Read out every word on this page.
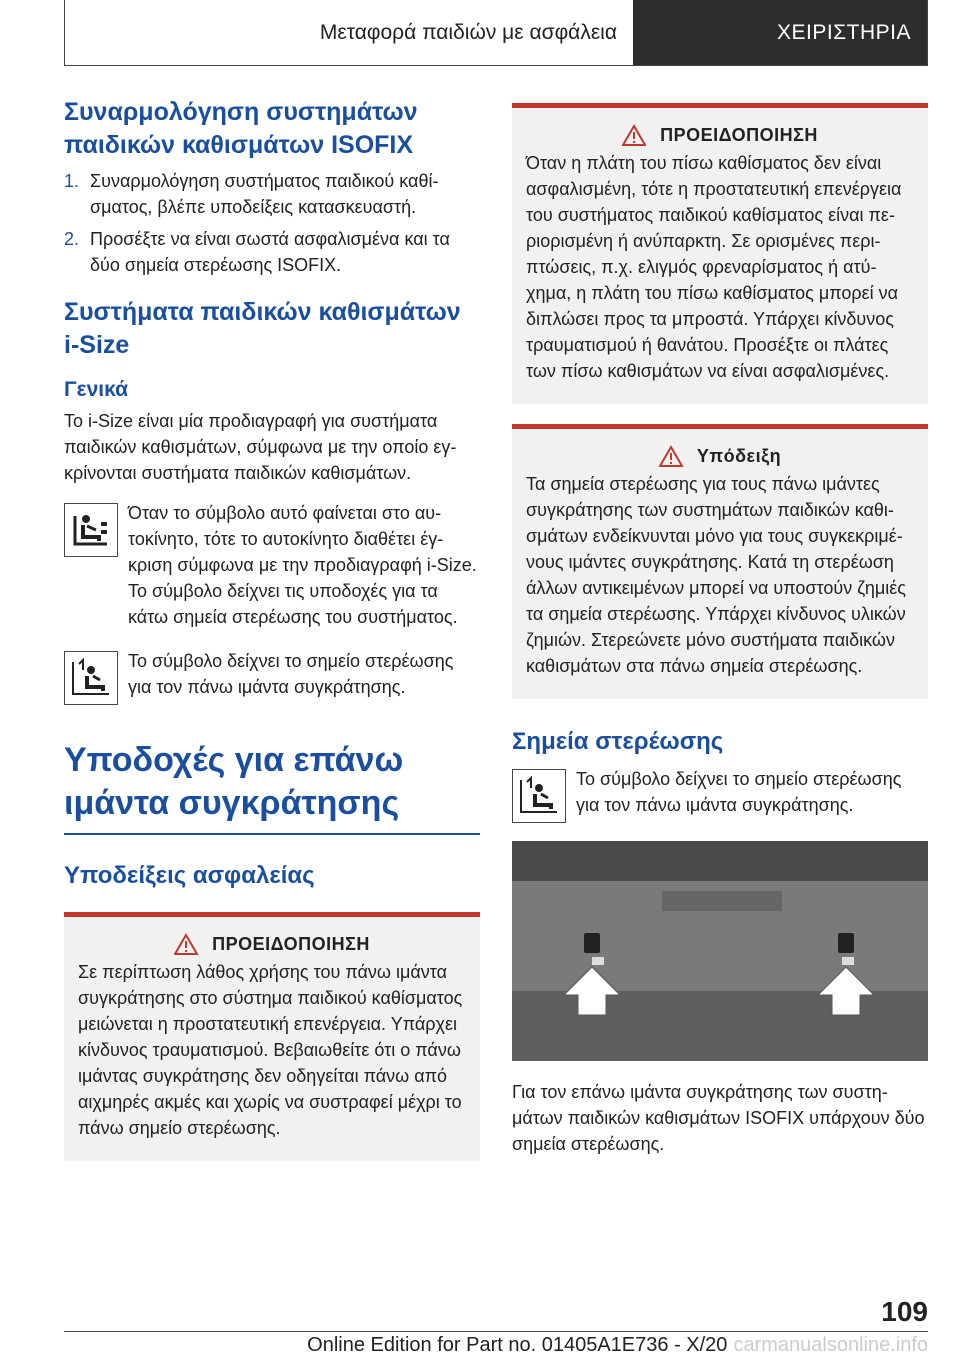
Μεταφορά παιδιών με ασφάλεια	ΧΕΙΡΙΣΤΗΡΙΑ
Συναρμολόγηση συστημάτων παιδικών καθισμάτων ISOFIX
1. Συναρμολόγηση συστήματος παιδικού καθίσματος, βλέπε υποδείξεις κατασκευαστή.
2. Προσέξτε να είναι σωστά ασφαλισμένα και τα δύο σημεία στερέωσης ISOFIX.
Συστήματα παιδικών καθισμάτων i-Size
Γενικά

Το i-Size είναι μία προδιαγραφή για συστήματα παιδικών καθισμάτων, σύμφωνα με την οποίο εγκρίνονται συστήματα παιδικών καθισμάτων.

Όταν το σύμβολο αυτό φαίνεται στο αυτοκίνητο, τότε το αυτοκίνητο διαθέτει έγκριση σύμφωνα με την προδιαγραφή i-Size. Το σύμβολο δείχνει τις υποδοχές για τα κάτω σημεία στερέωσης του συστήματος.

Το σύμβολο δείχνει το σημείο στερέωσης για τον πάνω ιμάντα συγκράτησης.

Υποδοχές για επάνω ιμάντα συγκράτησης
Υποδείξεις ασφαλείας
ΠΡΟΕΙΔΟΠΟΙΗΣΗ

Σε περίπτωση λάθος χρήσης του πάνω ιμάντα συγκράτησης στο σύστημα παιδικού καθίσματος μειώνεται η προστατευτική επενέργεια. Υπάρχει κίνδυνος τραυματισμού. Βεβαιωθείτε ότι ο πάνω ιμάντας συγκράτησης δεν οδηγείται πάνω από αιχμηρές ακμές και χωρίς να συστραφεί μέχρι το πάνω σημείο στερέωσης.

ΠΡΟΕΙΔΟΠΟΙΗΣΗ

Όταν η πλάτη του πίσω καθίσματος δεν είναι ασφαλισμένη, τότε η προστατευτική επενέργεια του συστήματος παιδικού καθίσματος είναι περιορισμένη ή ανύπαρκτη. Σε ορισμένες περιπτώσεις, π.χ. ελιγμός φρεναρίσματος ή ατύχημα, η πλάτη του πίσω καθίσματος μπορεί να διπλώσει προς τα μπροστά. Υπάρχει κίνδυνος τραυματισμού ή θανάτου. Προσέξτε οι πλάτες των πίσω καθισμάτων να είναι ασφαλισμένες.

Υπόδειξη

Τα σημεία στερέωσης για τους πάνω ιμάντες συγκράτησης των συστημάτων παιδικών καθισμάτων ενδείκνυνται μόνο για τους συγκεκριμένους ιμάντες συγκράτησης. Κατά τη στερέωση άλλων αντικειμένων μπορεί να υποστούν ζημιές τα σημεία στερέωσης. Υπάρχει κίνδυνος υλικών ζημιών. Στερεώνετε μόνο συστήματα παιδικών καθισμάτων στα πάνω σημεία στερέωσης.

Σημεία στερέωσης

Το σύμβολο δείχνει το σημείο στερέωσης για τον πάνω ιμάντα συγκράτησης.

Για τον επάνω ιμάντα συγκράτησης των συστημάτων παιδικών καθισμάτων ISOFIX υπάρχουν δύο σημεία στερέωσης.

109
Online Edition for Part no. 01405A1E736 - X/20 carmanualsonline.info
